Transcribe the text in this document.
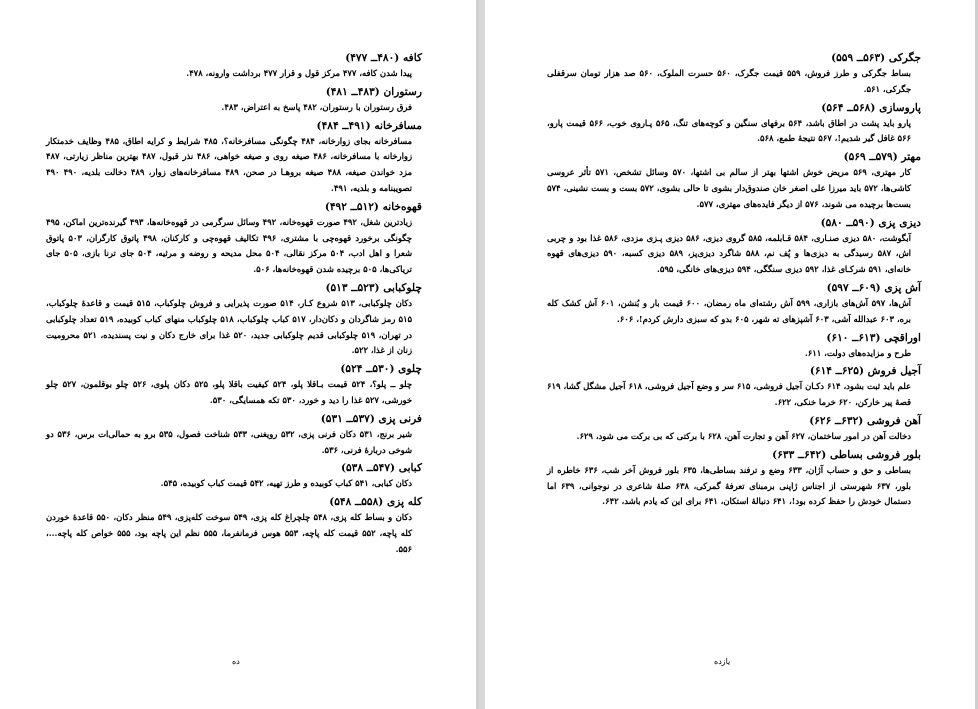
کافه (۴۸۰ــ ۴۷۷)
پیدا شدن کافه، ۴۷۷ مرکز قول و قرار ۴۷۷ برداشت وارونه، ۴۷۸.
رستوران (۴۸۳ــ ۴۸۱)
فرق رستوران با رستوران، ۴۸۲ پاسخ به اعتراض، ۴۸۳.
مسافرخانه (۴۹۱ــ ۴۸۴)
مسافرخانه بجای زوارخانه، ۴۸۴ چگونگی مسافرخانه؟، ۴۸۵ شرایط و کرایه اطاق، ۴۸۵ وظایف خدمتکار زوارخانه با مسافرخانه، ۴۸۶ صیغه روی و صیغه خواهی، ۴۸۶ نذر قبول، ۴۸۷ بهترین مناظر زیارتی، ۴۸۷ مزد خواندن صیغه، ۴۸۸ صیغه بروهـا در صحن، ۴۸۹ مسافرخانه‌های زوار، ۴۸۹ دخالت بلدیه، ۴۹۰ ۴۹۰ تصویبنامه و بلدیه، ۴۹۱.
قهوه‌خانه (۵۱۲ــ ۴۹۲)
زیادترین شغل، ۴۹۲ صورت قهوه‌خانه، ۴۹۲ وسائل سرگرمی در قهوه‌خانه‌ها، ۴۹۳ گیرنده‌ترین اماکن، ۴۹۵ چگونگی برخورد قهوه‌چی با مشتری، ۴۹۶ تکالیف قهوه‌چی و کارکنان، ۴۹۸ پاتوق کارگران، ۵۰۳ پاتوق شعرا و اهل ادب، ۵۰۴ مرکز نقالی، ۵۰۴ محل مدیحه و روضه و مرثیه، ۵۰۴ جای ترنا بازی، ۵۰۵ جای تریاکی‌ها، ۵۰۵ برچیده شدن قهوه‌خانه‌ها، ۵۰۶.
چلوکبابی (۵۲۳ــ ۵۱۳)
دکان چلوکبابی، ۵۱۳ شروع کـار، ۵۱۴ صورت پذیرایی و فروش چلوکباب، ۵۱۵ قیمت و قاعدۀ چلوکباب، ۵۱۵ رمز شاگردان و دکان‌دار، ۵۱۷ کباب چلوکباب، ۵۱۸ چلوکباب منهای کباب کوبیده، ۵۱۹ تعداد چلوکبابی در تهران، ۵۱۹ چلوکبابی قدیم چلوکبابی جدید، ۵۲۰ غذا برای خارج دکان و نیت پسندیده، ۵۲۱ محرومیت زنان از غذا، ۵۲۲.
چلوی (۵۳۰ــ ۵۲۴)
چلو ــ پلو؟، ۵۲۴ قیمت بـاقلا پلو، ۵۲۴ کیفیت باقلا پلو، ۵۲۵ دکان پلوی، ۵۲۶ چلو بوقلمون، ۵۲۷ چلو خورشی، ۵۲۷ غذا را دید و خورد، ۵۳۰ تکه همسایگی، ۵۳۰.
فرنی پزی (۵۳۷ــ ۵۳۱)
شیر برنج، ۵۳۱ دکان فرنی پزی، ۵۳۲ رویغنی، ۵۳۳ شناخت فصول، ۵۳۵ برو به حمالی‌ات برس، ۵۳۶ دو شوخی دربارۀ فرنی، ۵۳۶.
کبابی (۵۴۷ــ ۵۳۸)
دکان کبابی، ۵۴۱ کباب کوبیده و طرز تهیه، ۵۴۲ قیمت کباب کوبیده، ۵۴۵.
کله پزی (۵۵۸ــ ۵۴۸)
دکان و بساط کله پزی، ۵۴۸ چلچراغ کله پزی، ۵۴۹ سوخت کله‌پزی، ۵۴۹ منظر دکان، ۵۵۰ قاعدۀ خوردن کله پاچه، ۵۵۲ قیمت کله پاچه، ۵۵۳ هوس فرمانفرما، ۵۵۵ نظم این پاچه بود، ۵۵۵ خواص کله پاچه...، ۵۵۶.
ده
جگرکی (۵۶۳ــ ۵۵۹)
بساط جگرکی و طرز فروش، ۵۵۹ قیمت جگرک، ۵۶۰ حسرت الملوک، ۵۶۰ صد هزار تومان سرقفلی جگرکی، ۵۶۱.
پاروسازی (۵۶۸ــ ۵۶۴)
پارو باید پشت در اطاق باشد، ۵۶۴ برفهای سنگین و کوچه‌های تنگ، ۵۶۵ پـاروی خوب، ۵۶۶ قیمت پارو، ۵۶۶ غافل گیر شدیم!، ۵۶۷ نتیجۀ طمع، ۵۶۸.
مهتر (۵۷۹ــ ۵۶۹)
کار مهتری، ۵۶۹ مریض خوش اشتها بهتر از سالم بی اشتها، ۵۷۰ وسائل تشخص، ۵۷۱ تأثر عروسی کاشی‌ها، ۵۷۲ باید میرزا علی اصغر خان صندوق‌دار بشوی تا حالی بشوی، ۵۷۲ بست و بست نشینی، ۵۷۴ بست‌ها برچیده می شوند، ۵۷۶ از دیگر فایده‌های مهتری، ۵۷۷.
دیزی پزی (۵۹۰ــ ۵۸۰)
آبگوشت، ۵۸۰ دیزی صنـاری، ۵۸۴ قـابلمه، ۵۸۵ گروی دیزی، ۵۸۶ دیزی پـزی مزدی، ۵۸۶ غذا بود و چربی اش، ۵۸۷ رسیدگی به دیزی‌ها و پُف نم، ۵۸۸ شاگرد دیزی‌پز، ۵۸۹ دیزی کسبه، ۵۹۰ دیزی‌های قهوه خانه‌ای، ۵۹۱ شرکـای غذا، ۵۹۲ دیزی سنگگی، ۵۹۴ دیزی‌های خانگی، ۵۹۵.
آش پزی (۶۰۹ــ ۵۹۷)
آش‌ها، ۵۹۷ آش‌های بازاری، ۵۹۹ آش رشته‌ای ماه رمضان، ۶۰۰ قیمت بار و بُنشن، ۶۰۱ آش کشک کله بره، ۶۰۳ عبدالله آشی، ۶۰۳ آشپزهای ته شهر، ۶۰۵ بدو که سبزی دارش کردم!، ۶۰۶.
اوراقچی (۶۱۳ــ ۶۱۰)
طرح و مزایده‌های دولت، ۶۱۱.
آجیل فروش (۶۲۵ــ ۶۱۴)
علم باید ثبت بشود، ۶۱۴ دکـان آجیل فروشی، ۶۱۵ سر و وضع آجیل فروشی، ۶۱۸ آجیل مشگل گشا، ۶۱۹ قصۀ پیر خارکن، ۶۲۰ خرما خنکی، ۶۲۲.
آهن فروشی (۶۳۲ــ ۶۲۶)
دخالت آهن در امور ساختمان، ۶۲۷ آهن و تجارت آهن، ۶۲۸ با برکتی که بی برکت می شود، ۶۲۹.
بلور فروشی بساطی (۶۴۲ــ ۶۳۳)
بساطی و حق و حساب آژان، ۶۳۳ وضع و ترفند بساطی‌ها، ۶۳۵ بلور فروش آخر شب، ۶۳۶ خاطره از بلور، ۶۳۷ شهرستی از اجناس ژاپنی برمبنای تعرفۀ گمرکی، ۶۳۸ صلۀ شاعری در نوجوانی، ۶۳۹ اما دستمال خودش را حفظ کرده بود!، ۶۴۱ دنبالۀ استکان، ۶۴۱ برای این که یادم باشد، ۶۴۲.
یازده
